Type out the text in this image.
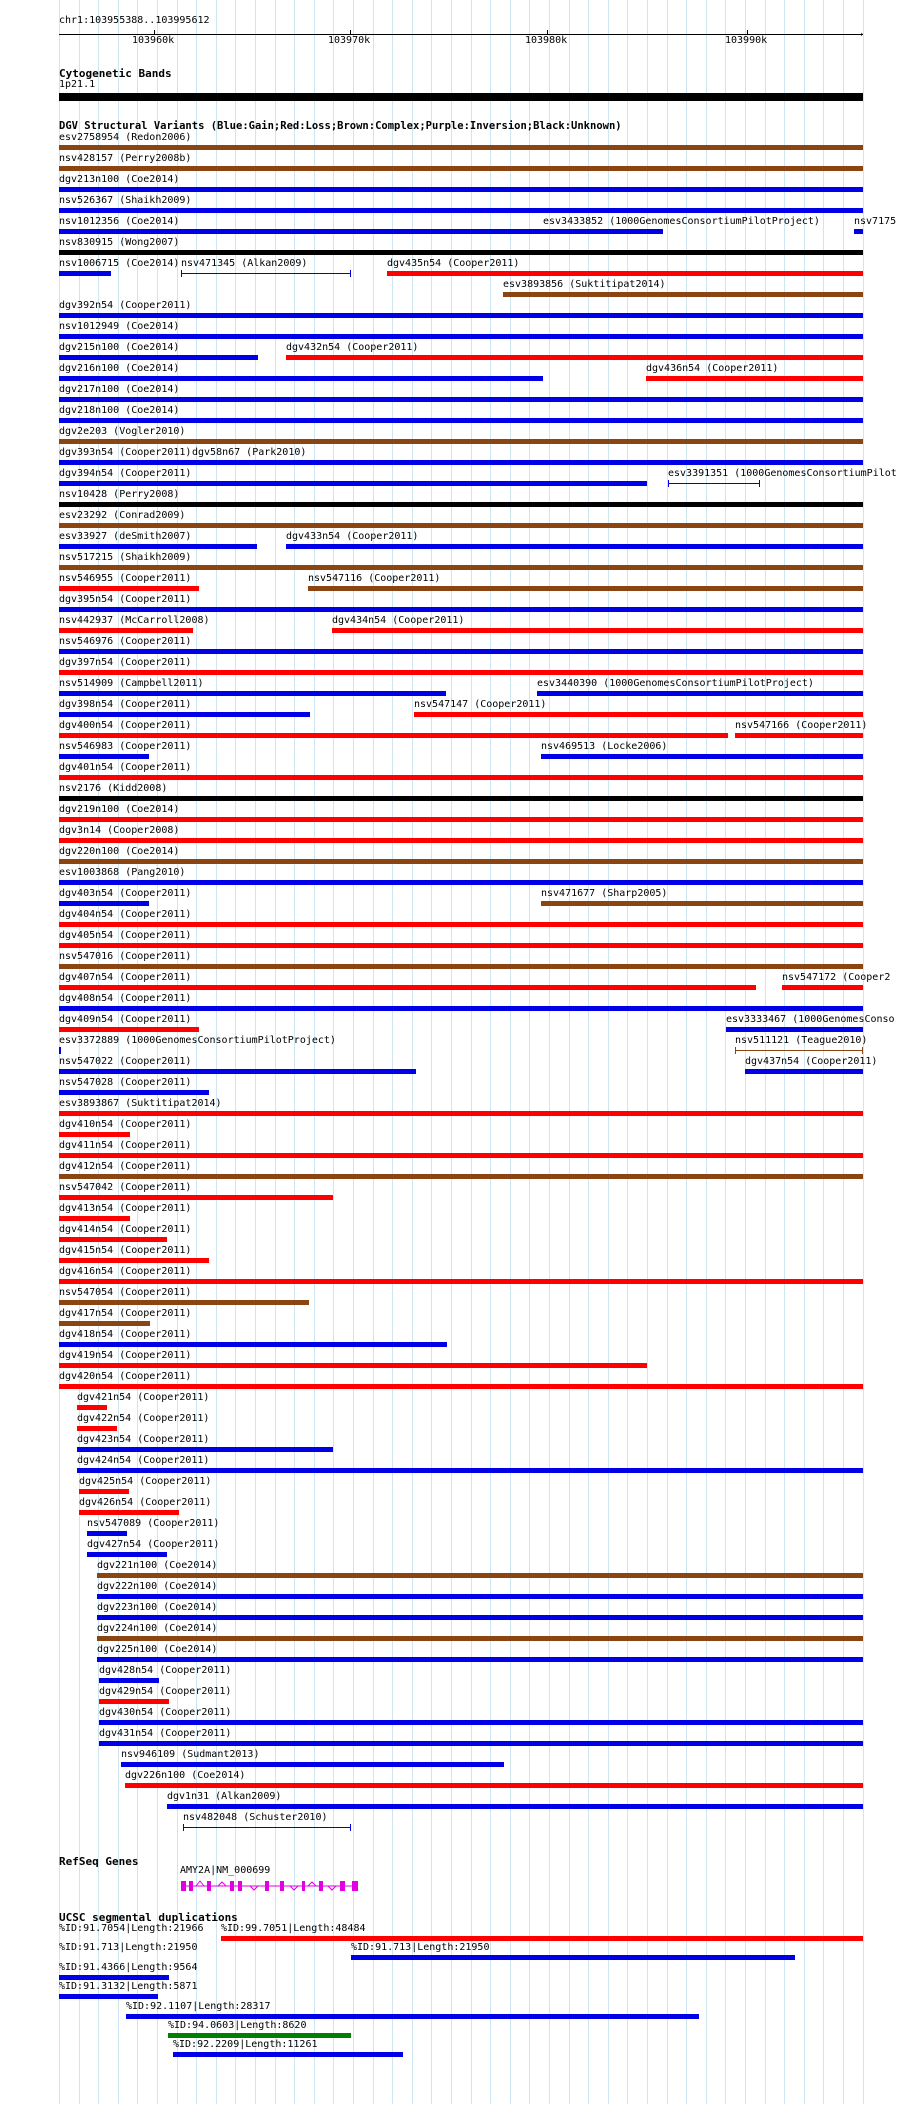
chr1:103955388..103995612
103960k	103970k	103980k	103990k
→
Cytogenetic Bands
1p21.1
DGV Structural Variants (Blue:Gain;Red:Loss;Brown:Complex;Purple:Inversion;Black:Unknown)
esv2758954 (Redon2006)
nsv428157 (Perry2008b)
dgv213n100 (Coe2014)
nsv526367 (Shaikh2009)
nsv1012356 (Coe2014)	esv3433852 (1000GenomesConsortiumPilotProject)	nsv7175
nsv830915 (Wong2007)
nsv1006715 (Coe2014) nsv471345 (Alkan2009)	dgv435n54 (Cooper2011)
esv3893856 (Suktitipat2014)
dgv392n54 (Cooper2011)
nsv1012949 (Coe2014)
dgv215n100 (Coe2014)	dgv432n54 (Cooper2011)
dgv216n100 (Coe2014)	dgv436n54 (Cooper2011)
dgv217n100 (Coe2014)
dgv218n100 (Coe2014)
dgv2e203 (Vogler2010)
dgv393n54 (Cooper2011) dgv58n67 (Park2010)
dgv394n54 (Cooper2011)	esv3391351 (1000GenomesConsortiumPilot
nsv10428 (Perry2008)
esv23292 (Conrad2009)
esv33927 (deSmith2007)	dgv433n54 (Cooper2011)
nsv517215 (Shaikh2009)
nsv546955 (Cooper2011)	nsv547116 (Cooper2011)
dgv395n54 (Cooper2011)
nsv442937 (McCarroll2008)	dgv434n54 (Cooper2011)
nsv546976 (Cooper2011)
dgv397n54 (Cooper2011)
nsv514909 (Campbell2011)	esv3440390 (1000GenomesConsortiumPilotProject)
dgv398n54 (Cooper2011)	nsv547147 (Cooper2011)
dgv400n54 (Cooper2011)	nsv547166 (Cooper2011)
nsv546983 (Cooper2011)	nsv469513 (Locke2006)
dgv401n54 (Cooper2011)
nsv2176 (Kidd2008)
dgv219n100 (Coe2014)
dgv3n14 (Cooper2008)
dgv220n100 (Coe2014)
esv1003868 (Pang2010)
dgv403n54 (Cooper2011)	nsv471677 (Sharp2005)
dgv404n54 (Cooper2011)
dgv405n54 (Cooper2011)
nsv547016 (Cooper2011)
dgv407n54 (Cooper2011)	nsv547172 (Cooper2
dgv408n54 (Cooper2011)
dgv409n54 (Cooper2011)	esv3333467 (1000GenomesConso
esv3372889 (1000GenomesConsortiumPilotProject)	nsv511121 (Teague2010)
nsv547022 (Cooper2011)	dgv437n54 (Cooper2011)
nsv547028 (Cooper2011)
esv3893867 (Suktitipat2014)
dgv410n54 (Cooper2011)
dgv411n54 (Cooper2011)
dgv412n54 (Cooper2011)
nsv547042 (Cooper2011)
dgv413n54 (Cooper2011)
dgv414n54 (Cooper2011)
dgv415n54 (Cooper2011)
dgv416n54 (Cooper2011)
nsv547054 (Cooper2011)
dgv417n54 (Cooper2011)
dgv418n54 (Cooper2011)
dgv419n54 (Cooper2011)
dgv420n54 (Cooper2011)
dgv421n54 (Cooper2011)
dgv422n54 (Cooper2011)
dgv423n54 (Cooper2011)
dgv424n54 (Cooper2011)
dgv425n54 (Cooper2011)
dgv426n54 (Cooper2011)
nsv547089 (Cooper2011)
dgv427n54 (Cooper2011)
dgv221n100 (Coe2014)
dgv222n100 (Coe2014)
dgv223n100 (Coe2014)
dgv224n100 (Coe2014)
dgv225n100 (Coe2014)
dgv428n54 (Cooper2011)
dgv429n54 (Cooper2011)
dgv430n54 (Cooper2011)
dgv431n54 (Cooper2011)
nsv946109 (Sudmant2013)
dgv226n100 (Coe2014)
dgv1n31 (Alkan2009)
nsv482048 (Schuster2010)
RefSeq Genes
AMY2A|NM_000699
UCSC segmental duplications
%ID:91.7054|Length:21966 %ID:99.7051|Length:48484
%ID:91.713|Length:21950	%ID:91.713|Length:21950
%ID:91.4366|Length:9564
%ID:91.3132|Length:5871
%ID:92.1107|Length:28317
%ID:94.0603|Length:8620
%ID:92.2209|Length:11261
